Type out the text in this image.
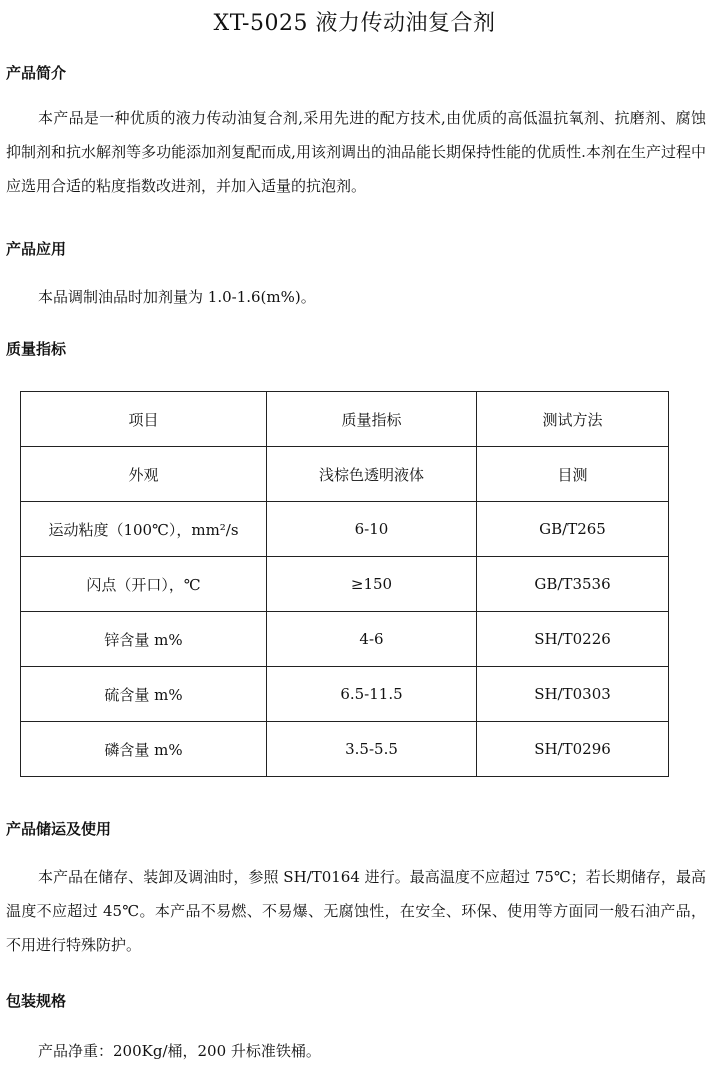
XT-5025 液力传动油复合剂
产品简介

本产品是一种优质的液力传动油复合剂,采用先进的配方技术,由优质的高低温抗氧剂、抗磨剂、腐蚀抑制剂和抗水解剂等多功能添加剂复配而成,用该剂调出的油品能长期保持性能的优质性.本剂在生产过程中应选用合适的粘度指数改进剂，并加入适量的抗泡剂。

产品应用

本品调制油品时加剂量为 1.0-1.6(m%)。

质量指标
项目	质量指标	测试方法
外观	浅棕色透明液体	目测
运动粘度（100℃），mm²/s	6-10	GB/T265
闪点（开口），℃	≥150	GB/T3536
锌含量 m%	4-6	SH/T0226
硫含量 m%	6.5-11.5	SH/T0303
磷含量 m%	3.5-5.5	SH/T0296
产品储运及使用

本产品在储存、装卸及调油时，参照 SH/T0164 进行。最高温度不应超过 75℃；若长期储存，最高温度不应超过 45℃。本产品不易燃、不易爆、无腐蚀性，在安全、环保、使用等方面同一般石油产品，不用进行特殊防护。

包装规格

产品净重：200Kg/桶，200 升标准铁桶。
